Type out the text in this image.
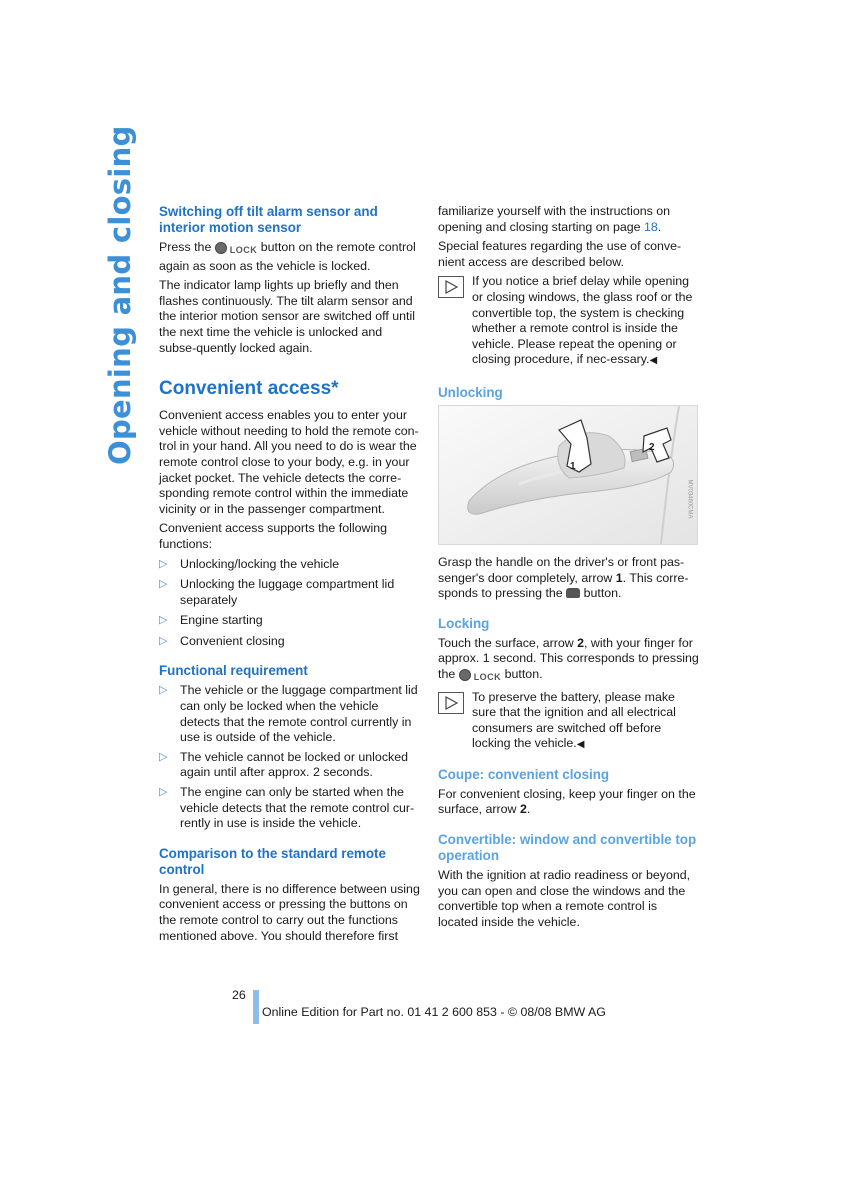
Opening and closing Switching off tilt alarm sensor and interior motion sensor

Press the LOCK button on the remote control again as soon as the vehicle is locked.

The indicator lamp lights up briefly and then flashes continuously. The tilt alarm sensor and the interior motion sensor are switched off until the next time the vehicle is unlocked and subse-quently locked again.

Convenient access*

Convenient access enables you to enter your vehicle without needing to hold the remote con-trol in your hand. All you need to do is wear the remote control close to your body, e.g. in your jacket pocket. The vehicle detects the corre-sponding remote control within the immediate vicinity or in the passenger compartment.

Convenient access supports the following functions:

▷ Unlocking/locking the vehicle
▷ Unlocking the luggage compartment lid separately
▷ Engine starting
▷ Convenient closing
Functional requirement
▷ The vehicle or the luggage compartment lid can only be locked when the vehicle detects that the remote control currently in use is outside of the vehicle.
▷ The vehicle cannot be locked or unlocked again until after approx. 2 seconds.
▷ The engine can only be started when the vehicle detects that the remote control cur-rently in use is inside the vehicle.
Comparison to the standard remote control

In general, there is no difference between using convenient access or pressing the buttons on the remote control to carry out the functions mentioned above. You should therefore first

familiarize yourself with the instructions on opening and closing starting on page 18.

Special features regarding the use of conve-nient access are described below.

If you notice a brief delay while opening or closing windows, the glass roof or the convertible top, the system is checking whether a remote control is inside the vehicle. Please repeat the opening or closing procedure, if nec-essary.◀

Unlocking
1
2
MV03460CMA

Grasp the handle on the driver's or front pas-senger's door completely, arrow 1. This corre-sponds to pressing the button.

Locking

Touch the surface, arrow 2, with your finger for approx. 1 second. This corresponds to pressing the LOCK button.

To preserve the battery, please make sure that the ignition and all electrical consumers are switched off before locking the vehicle.◀

Coupe: convenient closing

For convenient closing, keep your finger on the surface, arrow 2.

Convertible: window and convertible top operation

With the ignition at radio readiness or beyond, you can open and close the windows and the convertible top when a remote control is located inside the vehicle.

26
Online Edition for Part no. 01 41 2 600 853 - © 08/08 BMW AG
